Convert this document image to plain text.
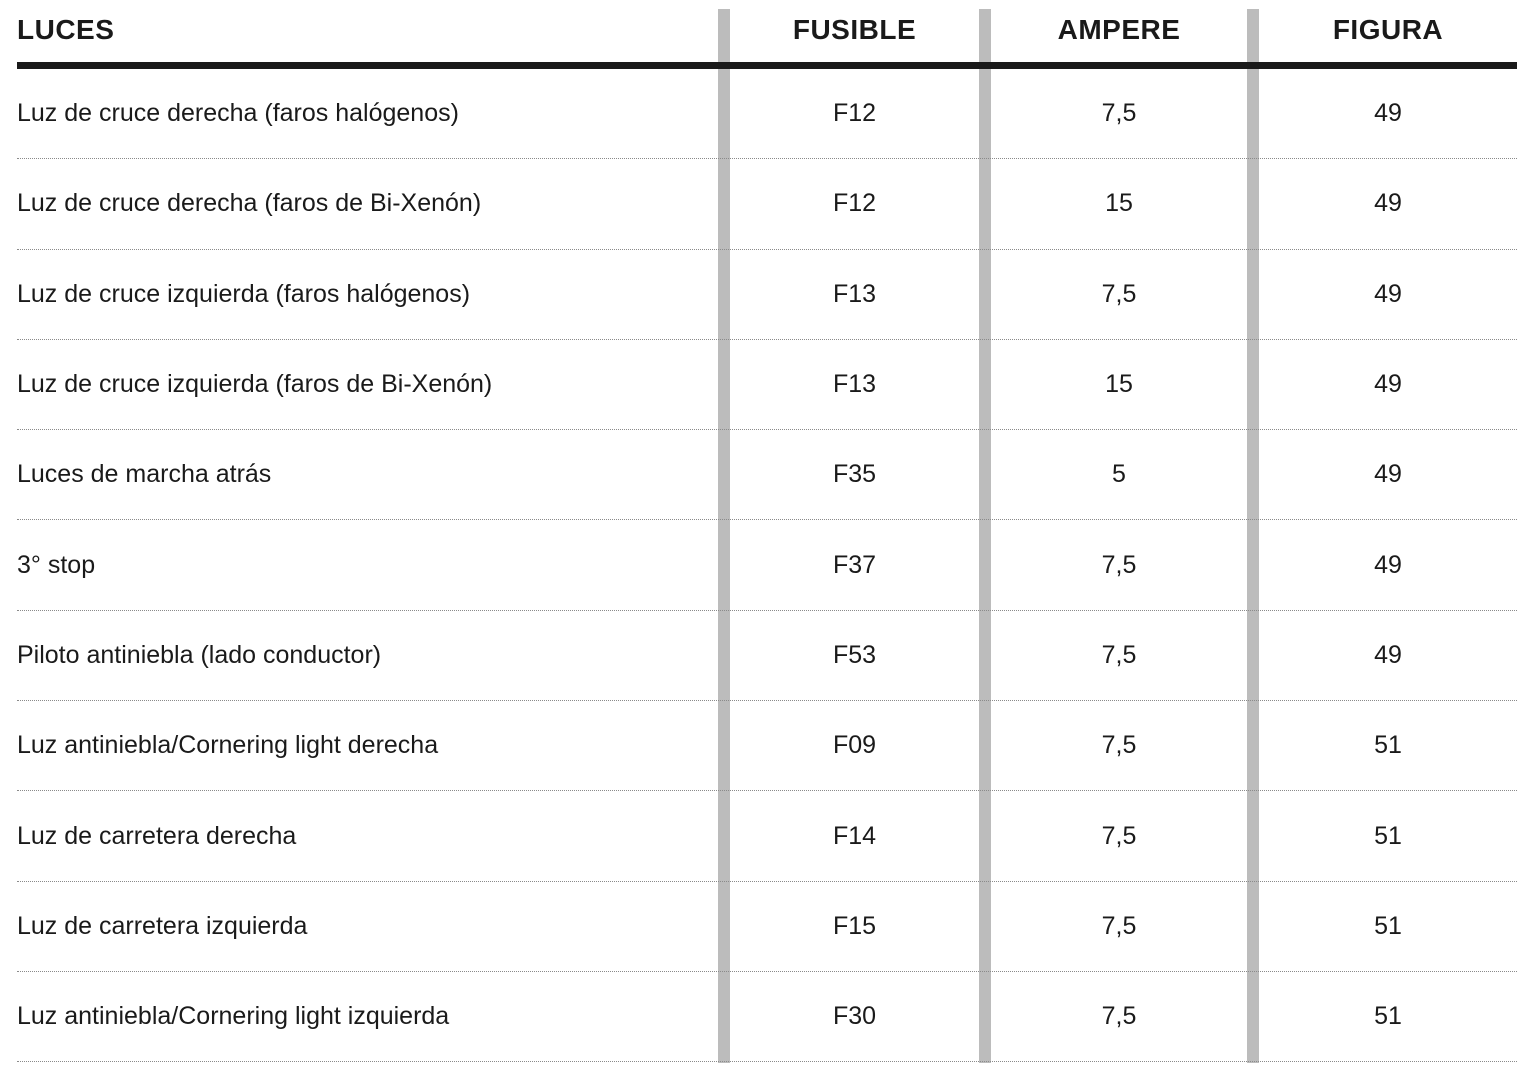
LUCES	FUSIBLE	AMPERE	FIGURA
Luz de cruce derecha (faros halógenos)	F12	7,5	49
Luz de cruce derecha (faros de Bi-Xenón)	F12	15	49
Luz de cruce izquierda (faros halógenos)	F13	7,5	49
Luz de cruce izquierda (faros de Bi-Xenón)	F13	15	49
Luces de marcha atrás	F35	5	49
3° stop	F37	7,5	49
Piloto antiniebla (lado conductor)	F53	7,5	49
Luz antiniebla/Cornering light derecha	F09	7,5	51
Luz de carretera derecha	F14	7,5	51
Luz de carretera izquierda	F15	7,5	51
Luz antiniebla/Cornering light izquierda	F30	7,5	51
